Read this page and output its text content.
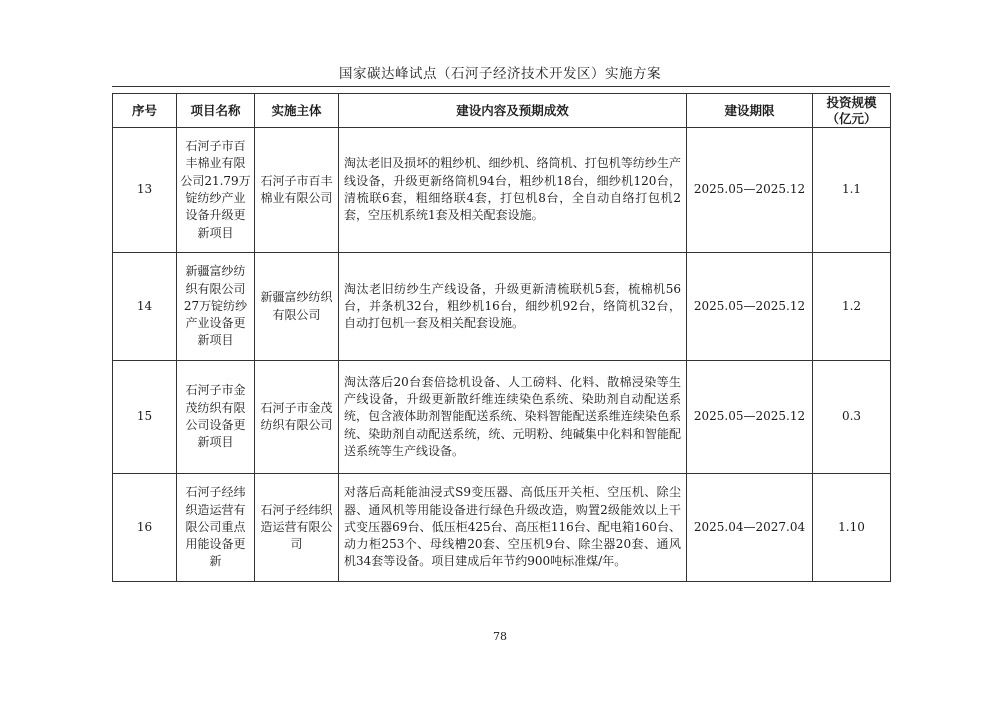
国家碳达峰试点（石河子经济技术开发区）实施方案
序号	项目名称	实施主体	建设内容及预期成效	建设期限	投资规模（亿元）
13	石河子市百丰棉业有限公司21.79万锭纺纱产业设备升级更新项目	石河子市百丰棉业有限公司	淘汰老旧及损坏的粗纱机、细纱机、络筒机、打包机等纺纱生产线设备，升级更新络筒机94台，粗纱机18台，细纱机120台，清梳联6套，粗细络联4套，打包机8台，全自动自络打包机2套，空压机系统1套及相关配套设施。	2025.05—2025.12	1.1
14	新疆富纱纺织有限公司27万锭纺纱产业设备更新项目	新疆富纱纺织有限公司	淘汰老旧纺纱生产线设备，升级更新清梳联机5套，梳棉机56台，并条机32台，粗纱机16台，细纱机92台，络筒机32台，自动打包机一套及相关配套设施。	2025.05—2025.12	1.2
15	石河子市金茂纺织有限公司设备更新项目	石河子市金茂纺织有限公司	淘汰落后20台套倍捻机设备、人工磅料、化料、散棉浸染等生产线设备，升级更新散纤维连续染色系统、染助剂自动配送系统，包含液体助剂智能配送系统、染料智能配送系维连续染色系统、染助剂自动配送系统，统、元明粉、纯碱集中化料和智能配送系统等生产线设备。	2025.05—2025.12	0.3
16	石河子经纬织造运营有限公司重点用能设备更新	石河子经纬织造运营有限公司	对落后高耗能油浸式S9变压器、高低压开关柜、空压机、除尘器、通风机等用能设备进行绿色升级改造，购置2级能效以上干式变压器69台、低压柜425台、高压柜116台、配电箱160台、动力柜253个、母线槽20套、空压机9台、除尘器20套、通风机34套等设备。项目建成后年节约900吨标准煤/年。	2025.04—2027.04	1.10
78
